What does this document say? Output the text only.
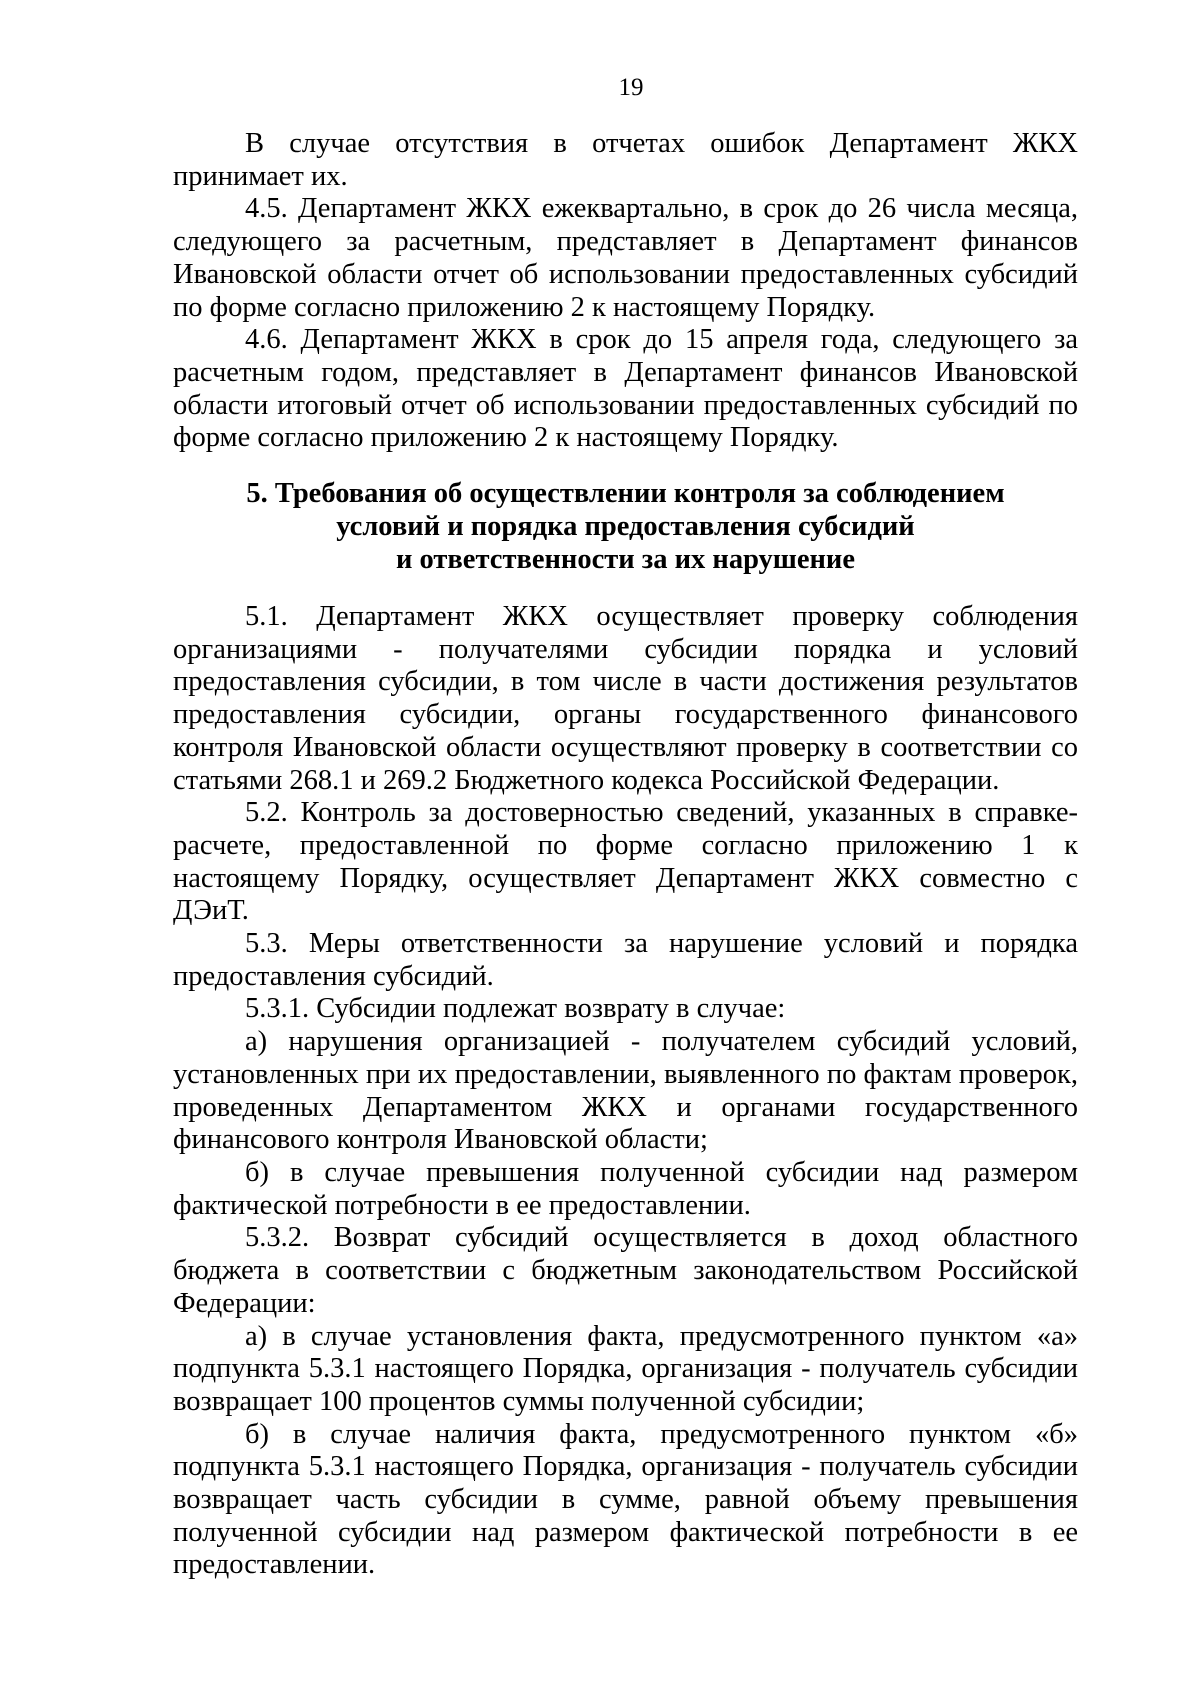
19

В случае отсутствия в отчетах ошибок Департамент ЖКХ принимает их.

4.5. Департамент ЖКХ ежеквартально, в срок до 26 числа месяца, следующего за расчетным, представляет в Департамент финансов Ивановской области отчет об использовании предоставленных субсидий по форме согласно приложению 2 к настоящему Порядку.

4.6. Департамент ЖКХ в срок до 15 апреля года, следующего за расчетным годом, представляет в Департамент финансов Ивановской области итоговый отчет об использовании предоставленных субсидий по форме согласно приложению 2 к настоящему Порядку.

5. Требования об осуществлении контроля за соблюдением
условий и порядка предоставления субсидий
и ответственности за их нарушение

5.1. Департамент ЖКХ осуществляет проверку соблюдения организациями - получателями субсидии порядка и условий предоставления субсидии, в том числе в части достижения результатов предоставления субсидии, органы государственного финансового контроля Ивановской области осуществляют проверку в соответствии со статьями 268.1 и 269.2 Бюджетного кодекса Российской Федерации.

5.2. Контроль за достоверностью сведений, указанных в справке-расчете, предоставленной по форме согласно приложению 1 к настоящему Порядку, осуществляет Департамент ЖКХ совместно с ДЭиТ.

5.3. Меры ответственности за нарушение условий и порядка предоставления субсидий.

5.3.1. Субсидии подлежат возврату в случае:

а) нарушения организацией - получателем субсидий условий, установленных при их предоставлении, выявленного по фактам проверок, проведенных Департаментом ЖКХ и органами государственного финансового контроля Ивановской области;

б) в случае превышения полученной субсидии над размером фактической потребности в ее предоставлении.

5.3.2. Возврат субсидий осуществляется в доход областного бюджета в соответствии с бюджетным законодательством Российской Федерации:

а) в случае установления факта, предусмотренного пунктом «а» подпункта 5.3.1 настоящего Порядка, организация - получатель субсидии возвращает 100 процентов суммы полученной субсидии;

б) в случае наличия факта, предусмотренного пунктом «б» подпункта 5.3.1 настоящего Порядка, организация - получатель субсидии возвращает часть субсидии в сумме, равной объему превышения полученной субсидии над размером фактической потребности в ее предоставлении.
